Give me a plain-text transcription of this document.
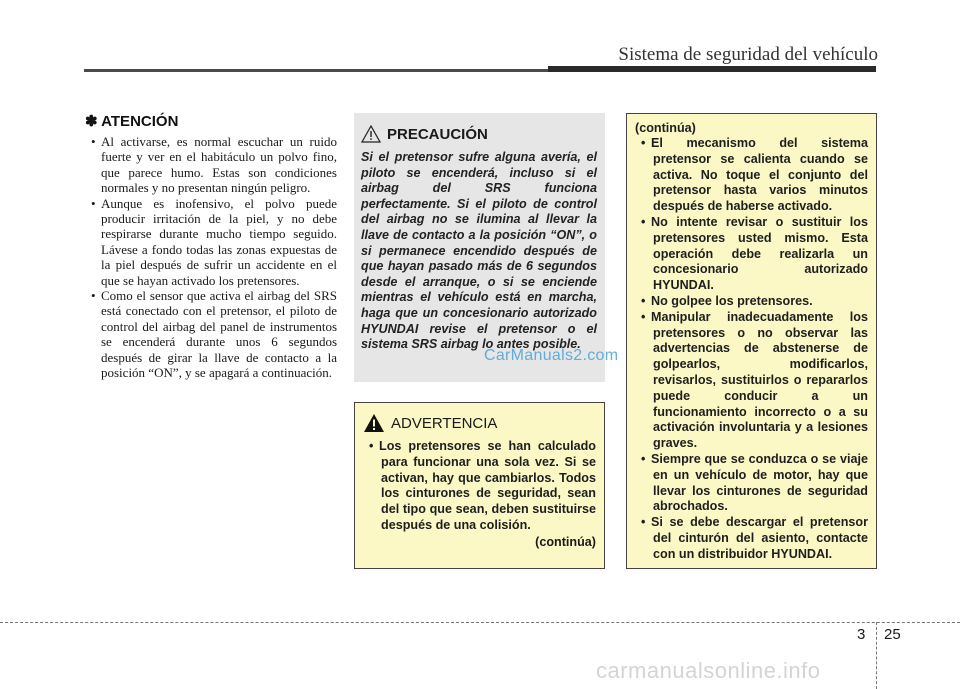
Sistema de seguridad del vehículo
✽ ATENCIÓN
• Al activarse, es normal escuchar un ruido fuerte y ver en el habitáculo un polvo fino, que parece humo. Estas son condiciones normales y no presentan ningún peligro.
• Aunque es inofensivo, el polvo puede producir irritación de la piel, y no debe respirarse durante mucho tiempo seguido. Lávese a fondo todas las zonas expuestas de la piel después de sufrir un accidente en el que se hayan activado los pretensores.
• Como el sensor que activa el airbag del SRS está conectado con el pretensor, el piloto de control del airbag del panel de instrumentos se encenderá durante unos 6 segundos después de girar la llave de contacto a la posición “ON”, y se apagará a continuación.
PRECAUCIÓN

Si el pretensor sufre alguna avería, el piloto se encenderá, incluso si el airbag del SRS funciona perfectamente. Si el piloto de control del airbag no se ilumina al llevar la llave de contacto a la posición “ON”, o si permanece encendido después de que hayan pasado más de 6 segundos desde el arranque, o si se enciende mientras el vehículo está en marcha, haga que un concesionario autorizado HYUNDAI revise el pretensor o el sistema SRS airbag lo antes posible.

ADVERTENCIA
• Los pretensores se han calculado para funcionar una sola vez. Si se activan, hay que cambiarlos. Todos los cinturones de seguridad, sean del tipo que sean, deben sustituirse después de una colisión.
(continúa)
(continúa)
• El mecanismo del sistema pretensor se calienta cuando se activa. No toque el conjunto del pretensor hasta varios minutos después de haberse activado.
• No intente revisar o sustituir los pretensores usted mismo. Esta operación debe realizarla un concesionario autorizado HYUNDAI.
• No golpee los pretensores.
• Manipular inadecuadamente los pretensores o no observar las advertencias de abstenerse de golpearlos, modificarlos, revisarlos, sustituirlos o repararlos puede conducir a un funcionamiento incorrecto o a su activación involuntaria y a lesiones graves.
• Siempre que se conduzca o se viaje en un vehículo de motor, hay que llevar los cinturones de seguridad abrochados.
• Si se debe descargar el pretensor del cinturón del asiento, contacte con un distribuidor HYUNDAI.
CarManuals2.com
3 25
carmanualsonline.info
